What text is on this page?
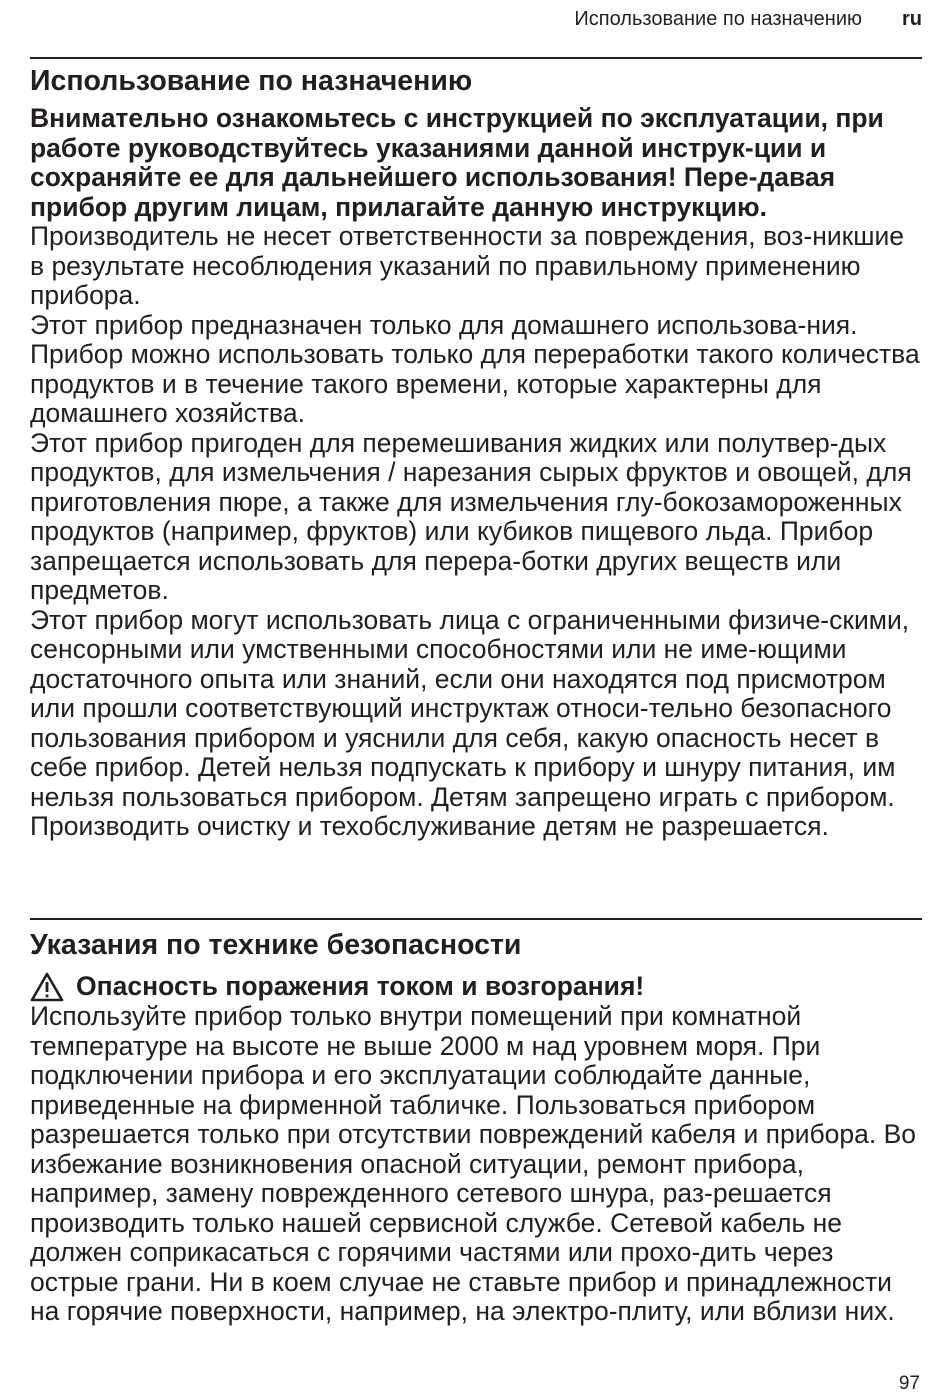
Использование по назначению ru
Использование по назначению

Внимательно ознакомьтесь с инструкцией по эксплуатации, при работе руководствуйтесь указаниями данной инструк-ции и сохраняйте ее для дальнейшего использования! Пере-давая прибор другим лицам, прилагайте данную инструкцию.

Производитель не несет ответственности за повреждения, воз-никшие в результате несоблюдения указаний по правильному применению прибора.

Этот прибор предназначен только для домашнего использова-ния. Прибор можно использовать только для переработки такого количества продуктов и в течение такого времени, которые характерны для домашнего хозяйства.

Этот прибор пригоден для перемешивания жидких или полутвер-дых продуктов, для измельчения / нарезания сырых фруктов и овощей, для приготовления пюре, а также для измельчения глу-бокозамороженных продуктов (например, фруктов) или кубиков пищевого льда. Прибор запрещается использовать для перера-ботки других веществ или предметов.

Этот прибор могут использовать лица с ограниченными физиче-скими, сенсорными или умственными способностями или не име-ющими достаточного опыта или знаний, если они находятся под присмотром или прошли соответствующий инструктаж относи-тельно безопасного пользования прибором и уяснили для себя, какую опасность несет в себе прибор. Детей нельзя подпускать к прибору и шнуру питания, им нельзя пользоваться прибором. Детям запрещено играть с прибором. Производить очистку и техобслуживание детям не разрешается.

Указания по технике безопасности

Опасность поражения током и возгорания!

Используйте прибор только внутри помещений при комнатной температуре на высоте не выше 2000 м над уровнем моря. При подключении прибора и его эксплуатации соблюдайте данные, приведенные на фирменной табличке. Пользоваться прибором разрешается только при отсутствии повреждений кабеля и прибора. Во избежание возникновения опасной ситуации, ремонт прибора, например, замену поврежденного сетевого шнура, раз-решается производить только нашей сервисной службе. Сетевой кабель не должен соприкасаться с горячими частями или прохо-дить через острые грани. Ни в коем случае не ставьте прибор и принадлежности на горячие поверхности, например, на электро-плиту, или вблизи них.

97
